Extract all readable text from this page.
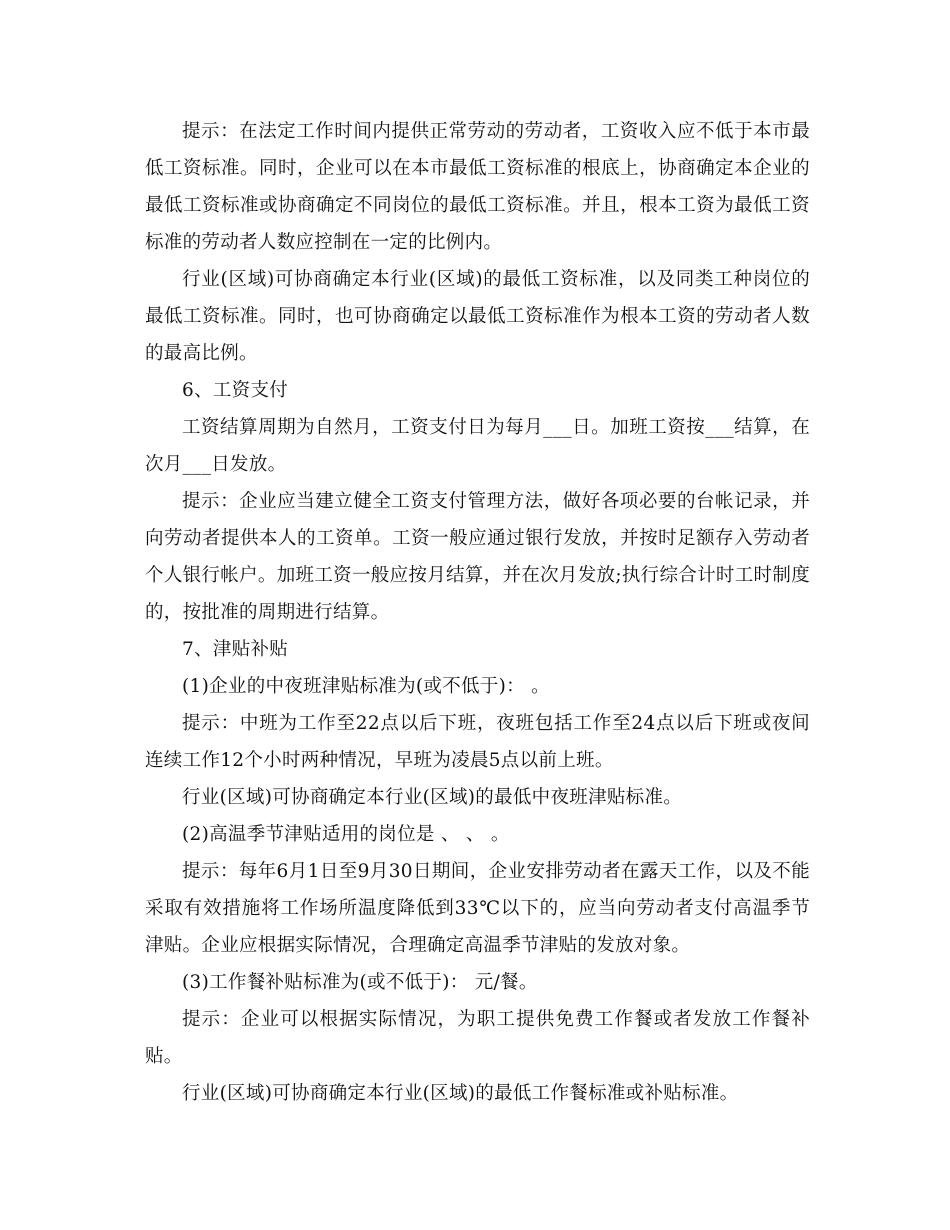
提示：在法定工作时间内提供正常劳动的劳动者，工资收入应不低于本市最低工资标准。同时，企业可以在本市最低工资标准的根底上，协商确定本企业的最低工资标准或协商确定不同岗位的最低工资标准。并且，根本工资为最低工资标准的劳动者人数应控制在一定的比例内。

行业(区域)可协商确定本行业(区域)的最低工资标准，以及同类工种岗位的最低工资标准。同时，也可协商确定以最低工资标准作为根本工资的劳动者人数的最高比例。

6、工资支付

工资结算周期为自然月，工资支付日为每月___日。加班工资按___结算，在次月___日发放。

提示：企业应当建立健全工资支付管理方法，做好各项必要的台帐记录，并向劳动者提供本人的工资单。工资一般应通过银行发放，并按时足额存入劳动者个人银行帐户。加班工资一般应按月结算，并在次月发放;执行综合计时工时制度的，按批准的周期进行结算。

7、津贴补贴

(1)企业的中夜班津贴标准为(或不低于)： 。

提示：中班为工作至22点以后下班，夜班包括工作至24点以后下班或夜间连续工作12个小时两种情况，早班为凌晨5点以前上班。

行业(区域)可协商确定本行业(区域)的最低中夜班津贴标准。

(2)高温季节津贴适用的岗位是 、 、 。

提示：每年6月1日至9月30日期间，企业安排劳动者在露天工作，以及不能采取有效措施将工作场所温度降低到33℃以下的，应当向劳动者支付高温季节津贴。企业应根据实际情况，合理确定高温季节津贴的发放对象。

(3)工作餐补贴标准为(或不低于)： 元/餐。

提示：企业可以根据实际情况，为职工提供免费工作餐或者发放工作餐补贴。

行业(区域)可协商确定本行业(区域)的最低工作餐标准或补贴标准。
